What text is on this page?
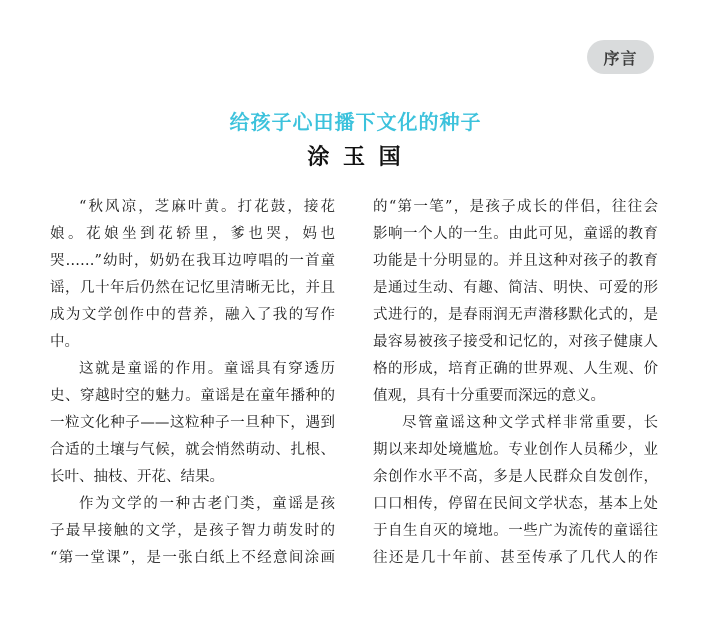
序言
给孩子心田播下文化的种子
涂 玉 国
“秋风凉，芝麻叶黄。打花鼓，接花
娘。花娘坐到花轿里，爹也哭，妈也
哭……”幼时，奶奶在我耳边哼唱的一首童
谣，几十年后仍然在记忆里清晰无比，并且
成为文学创作中的营养，融入了我的写作
中。
这就是童谣的作用。童谣具有穿透历
史、穿越时空的魅力。童谣是在童年播种的
一粒文化种子——这粒种子一旦种下，遇到
合适的土壤与气候，就会悄然萌动、扎根、
长叶、抽枝、开花、结果。
作为文学的一种古老门类，童谣是孩
子最早接触的文学，是孩子智力萌发时的
“第一堂课”，是一张白纸上不经意间涂画
的“第一笔”，是孩子成长的伴侣，往往会
影响一个人的一生。由此可见，童谣的教育
功能是十分明显的。并且这种对孩子的教育
是通过生动、有趣、简洁、明快、可爱的形
式进行的，是春雨润无声潜移默化式的，是
最容易被孩子接受和记忆的，对孩子健康人
格的形成，培育正确的世界观、人生观、价
值观，具有十分重要而深远的意义。
尽管童谣这种文学式样非常重要，长
期以来却处境尴尬。专业创作人员稀少，业
余创作水平不高，多是人民群众自发创作，
口口相传，停留在民间文学状态，基本上处
于自生自灭的境地。一些广为流传的童谣往
往还是几十年前、甚至传承了几代人的作
